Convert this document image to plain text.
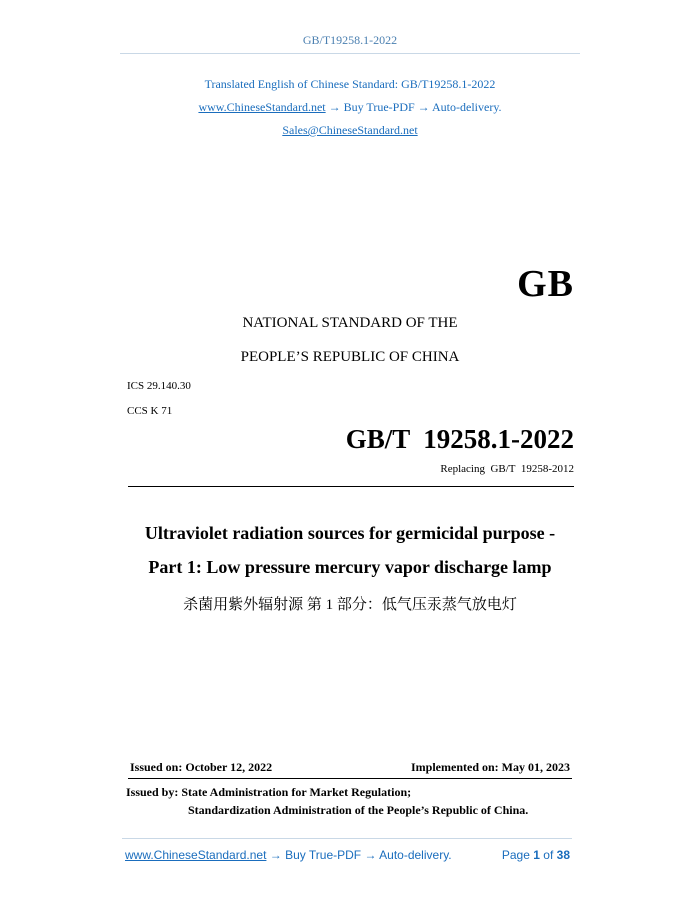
GB/T19258.1-2022
Translated English of Chinese Standard: GB/T19258.1-2022
www.ChineseStandard.net → Buy True-PDF → Auto-delivery.
Sales@ChineseStandard.net
GB
NATIONAL STANDARD OF THE
PEOPLE’S REPUBLIC OF CHINA
ICS 29.140.30
CCS K 71
GB/T  19258.1-2022
Replacing  GB/T  19258-2012
Ultraviolet radiation sources for germicidal purpose -
Part 1: Low pressure mercury vapor discharge lamp
杀菌用紫外辐射源 第 1 部分：低气压汞蒸气放电灯
Issued on: October 12, 2022	Implemented on: May 01, 2023
Issued by: State Administration for Market Regulation;
Standardization Administration of the People’s Republic of China.
www.ChineseStandard.net → Buy True-PDF → Auto-delivery.	Page 1 of 38
